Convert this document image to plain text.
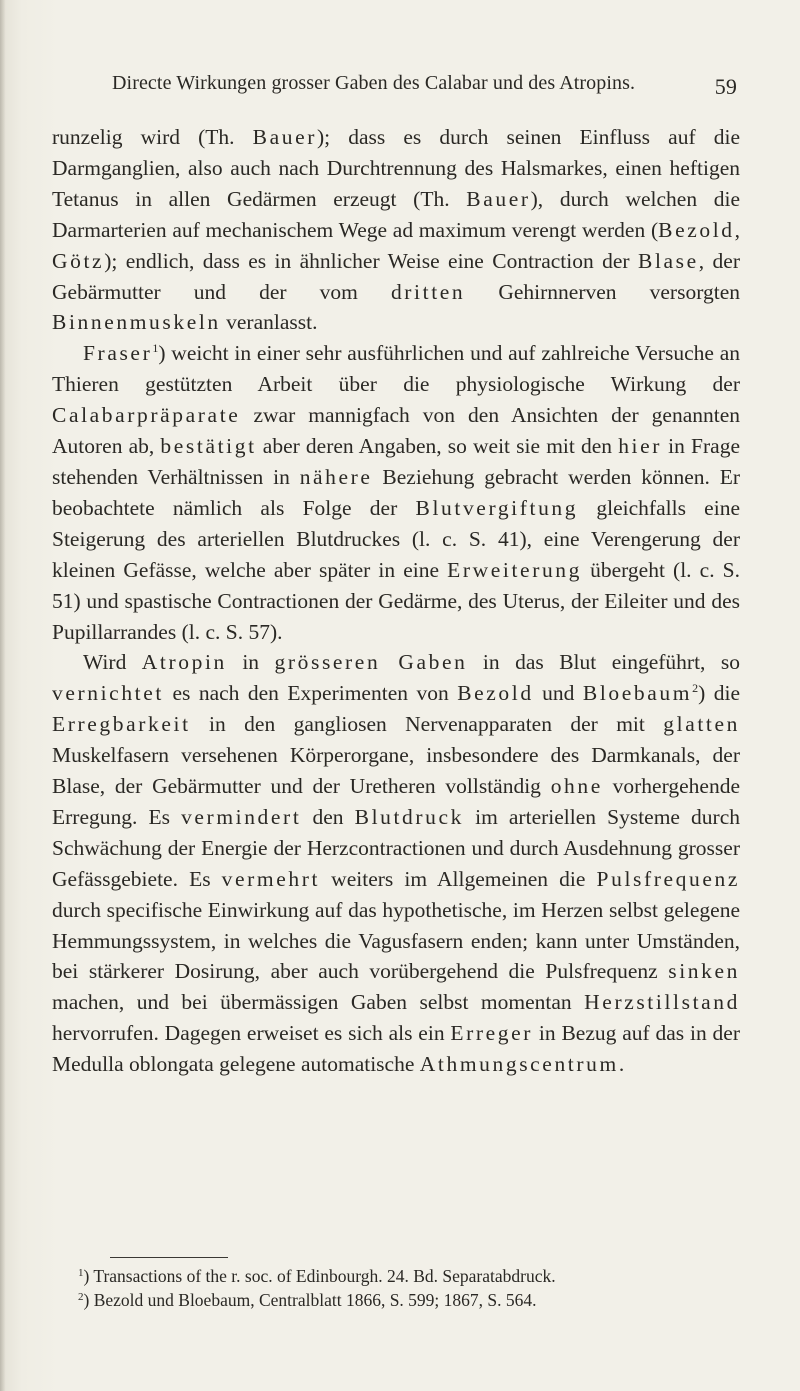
Directe Wirkungen grosser Gaben des Calabar und des Atropins.	59

runzelig wird (Th. Bauer); dass es durch seinen Einfluss auf die Darmganglien, also auch nach Durchtrennung des Halsmarkes, einen heftigen Tetanus in allen Gedärmen erzeugt (Th. Bauer), durch welchen die Darmarterien auf mechanischem Wege ad maximum verengt werden (Bezold, Götz); endlich, dass es in ähnlicher Weise eine Contraction der Blase, der Gebärmutter und der vom dritten Gehirnnerven versorgten Binnenmuskeln veranlasst.

Fraser$^1$) weicht in einer sehr ausführlichen und auf zahlreiche Versuche an Thieren gestützten Arbeit über die physiologische Wirkung der Calabarpräparate zwar mannigfach von den Ansichten der genannten Autoren ab, bestätigt aber deren Angaben, so weit sie mit den hier in Frage stehenden Verhältnissen in nähere Beziehung gebracht werden können. Er beobachtete nämlich als Folge der Blutvergiftung gleichfalls eine Steigerung des arteriellen Blutdruckes (l. c. S. 41), eine Verengerung der kleinen Gefässe, welche aber später in eine Erweiterung übergeht (l. c. S. 51) und spastische Contractionen der Gedärme, des Uterus, der Eileiter und des Pupillarrandes (l. c. S. 57).

Wird Atropin in grösseren Gaben in das Blut eingeführt, so vernichtet es nach den Experimenten von Bezold und Bloebaum$^2$) die Erregbarkeit in den gangliosen Nervenapparaten der mit glatten Muskelfasern versehenen Körperorgane, insbesondere des Darmkanals, der Blase, der Gebärmutter und der Uretheren vollständig ohne vorhergehende Erregung. Es vermindert den Blutdruck im arteriellen Systeme durch Schwächung der Energie der Herzcontractionen und durch Ausdehnung grosser Gefässgebiete. Es vermehrt weiters im Allgemeinen die Pulsfrequenz durch specifische Einwirkung auf das hypothetische, im Herzen selbst gelegene Hemmungssystem, in welches die Vagusfasern enden; kann unter Umständen, bei stärkerer Dosirung, aber auch vorübergehend die Pulsfrequenz sinken machen, und bei übermässigen Gaben selbst momentan Herzstillstand hervorrufen. Dagegen erweiset es sich als ein Erreger in Bezug auf das in der Medulla oblongata gelegene automatische Athmungscentrum.

$^1$) Transactions of the r. soc. of Edinbourgh. 24. Bd. Separatabdruck.
$^2$) Bezold und Bloebaum, Centralblatt 1866, S. 599; 1867, S. 564.
